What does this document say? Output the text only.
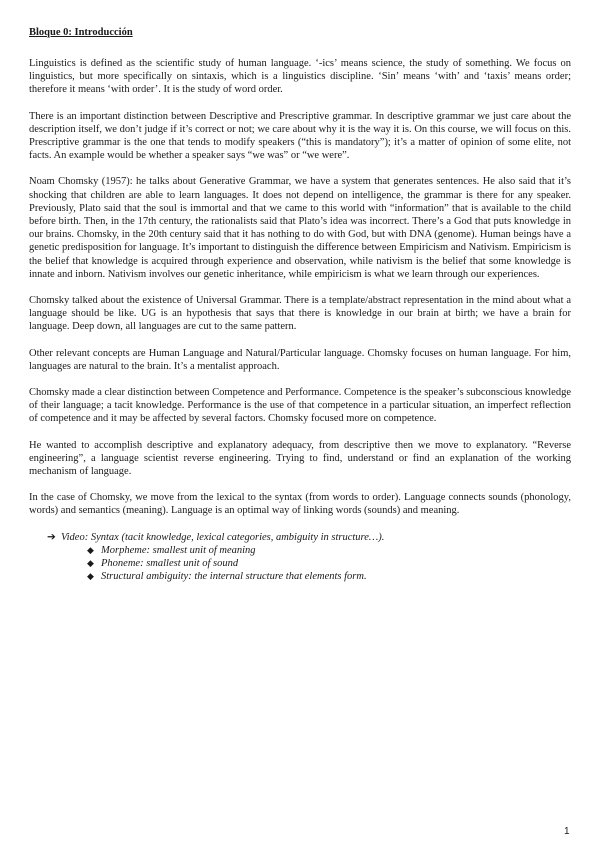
Bloque 0: Introducción

Linguistics is defined as the scientific study of human language. ‘-ics’ means science, the study of something. We focus on linguistics, but more specifically on sintaxis, which is a linguistics discipline. ‘Sin’ means ‘with’ and ‘taxis’ means order; therefore it means ‘with order’. It is the study of word order.

There is an important distinction between Descriptive and Prescriptive grammar. In descriptive grammar we just care about the description itself, we don’t judge if it’s correct or not; we care about why it is the way it is. On this course, we will focus on this. Prescriptive grammar is the one that tends to modify speakers (“this is mandatory”); it’s a matter of opinion of some elite, not facts. An example would be whether a speaker says “we was” or “we were”.

Noam Chomsky (1957): he talks about Generative Grammar, we have a system that generates sentences. He also said that it’s shocking that children are able to learn languages. It does not depend on intelligence, the grammar is there for any speaker. Previously, Plato said that the soul is immortal and that we came to this world with “information” that is available to the child before birth. Then, in the 17th century, the rationalists said that Plato’s idea was incorrect. There’s a God that puts knowledge in our brains. Chomsky, in the 20th century said that it has nothing to do with God, but with DNA (genome). Human beings have a genetic predisposition for language. It’s important to distinguish the difference between Empiricism and Nativism. Empiricism is the belief that knowledge is acquired through experience and observation, while nativism is the belief that some knowledge is innate and inborn. Nativism involves our genetic inheritance, while empiricism is what we learn through our experiences.

Chomsky talked about the existence of Universal Grammar. There is a template/abstract representation in the mind about what a language should be like. UG is an hypothesis that says that there is knowledge in our brain at birth; we have a brain for language. Deep down, all languages are cut to the same pattern.

Other relevant concepts are Human Language and Natural/Particular language. Chomsky focuses on human language. For him, languages are natural to the brain. It’s a mentalist approach.

Chomsky made a clear distinction between Competence and Performance. Competence is the speaker’s subconscious knowledge of their language; a tacit knowledge. Performance is the use of that competence in a particular situation, an imperfect reflection of competence and it may be affected by several factors. Chomsky focused more on competence.

He wanted to accomplish descriptive and explanatory adequacy, from descriptive then we move to explanatory. “Reverse engineering”, a language scientist reverse engineering. Trying to find, understand or find an explanation of the working mechanism of language.

In the case of Chomsky, we move from the lexical to the syntax (from words to order). Language connects sounds (phonology, words) and semantics (meaning). Language is an optimal way of linking words (sounds) and meaning.

➔ Video: Syntax (tacit knowledge, lexical categories, ambiguity in structure…).
◆ Morpheme: smallest unit of meaning
◆ Phoneme: smallest unit of sound
◆ Structural ambiguity: the internal structure that elements form.
1
